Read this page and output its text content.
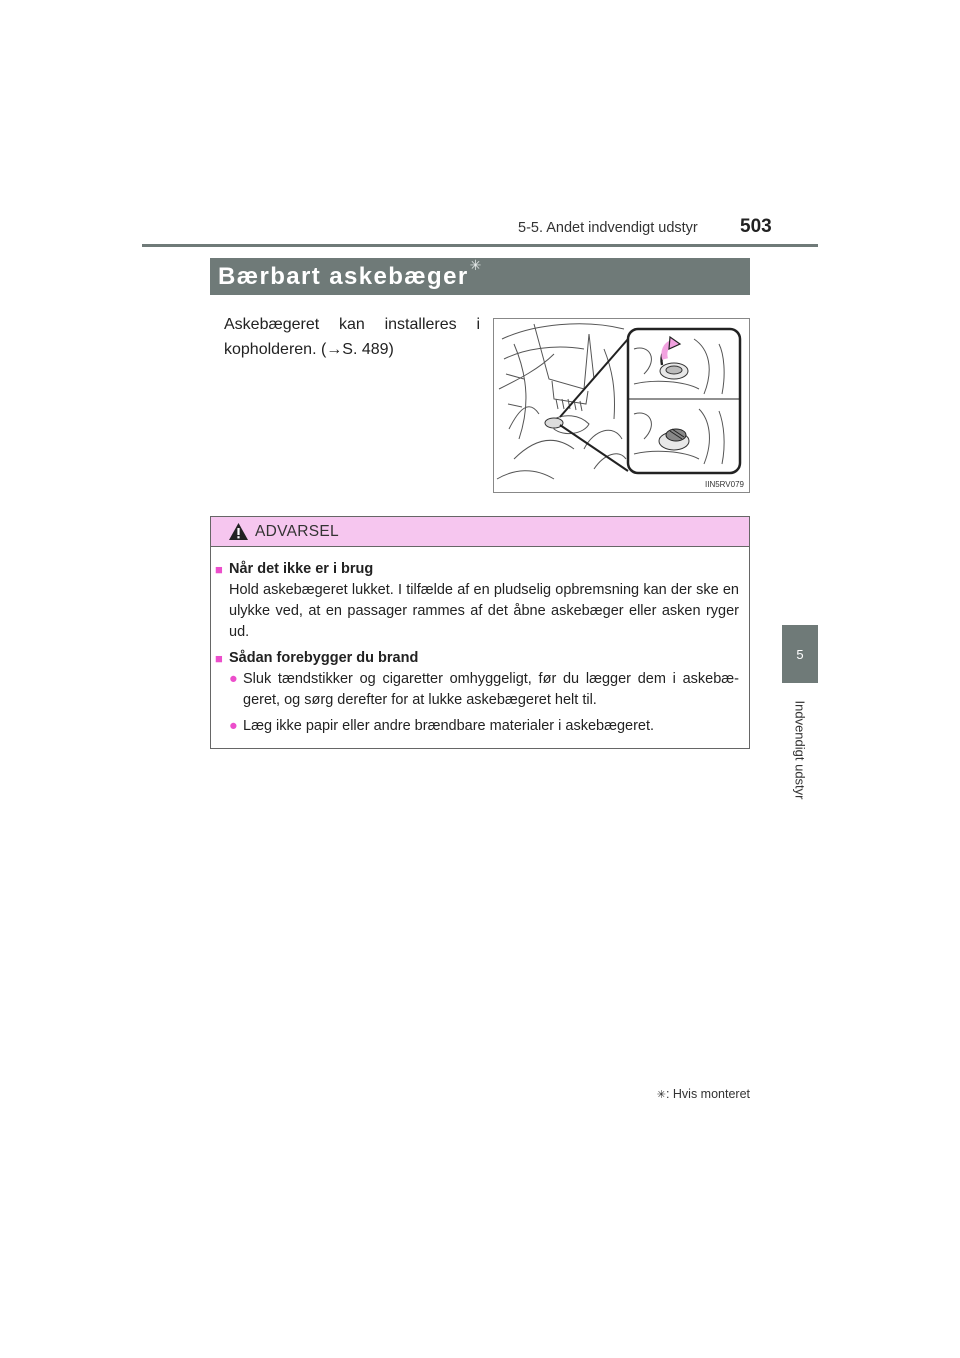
5-5. Andet indvendigt udstyr 503
5
Indvendigt udstyr
Bærbart askebæger ✳
Askebægeret kan installeres i kopholderen. (→S. 489)
IIN5RV079
ADVARSEL
■ Når det ikke er i brug
Hold askebægeret lukket. I tilfælde af en pludselig opbremsning kan der ske en ulykke ved, at en passager rammes af det åbne askebæger eller asken ryger ud.
■ Sådan forebygger du brand
● Sluk tændstikker og cigaretter omhyggeligt, før du lægger dem i askebæ-geret, og sørg derefter for at lukke askebægeret helt til.
● Læg ikke papir eller andre brændbare materialer i askebægeret.
✳: Hvis monteret
